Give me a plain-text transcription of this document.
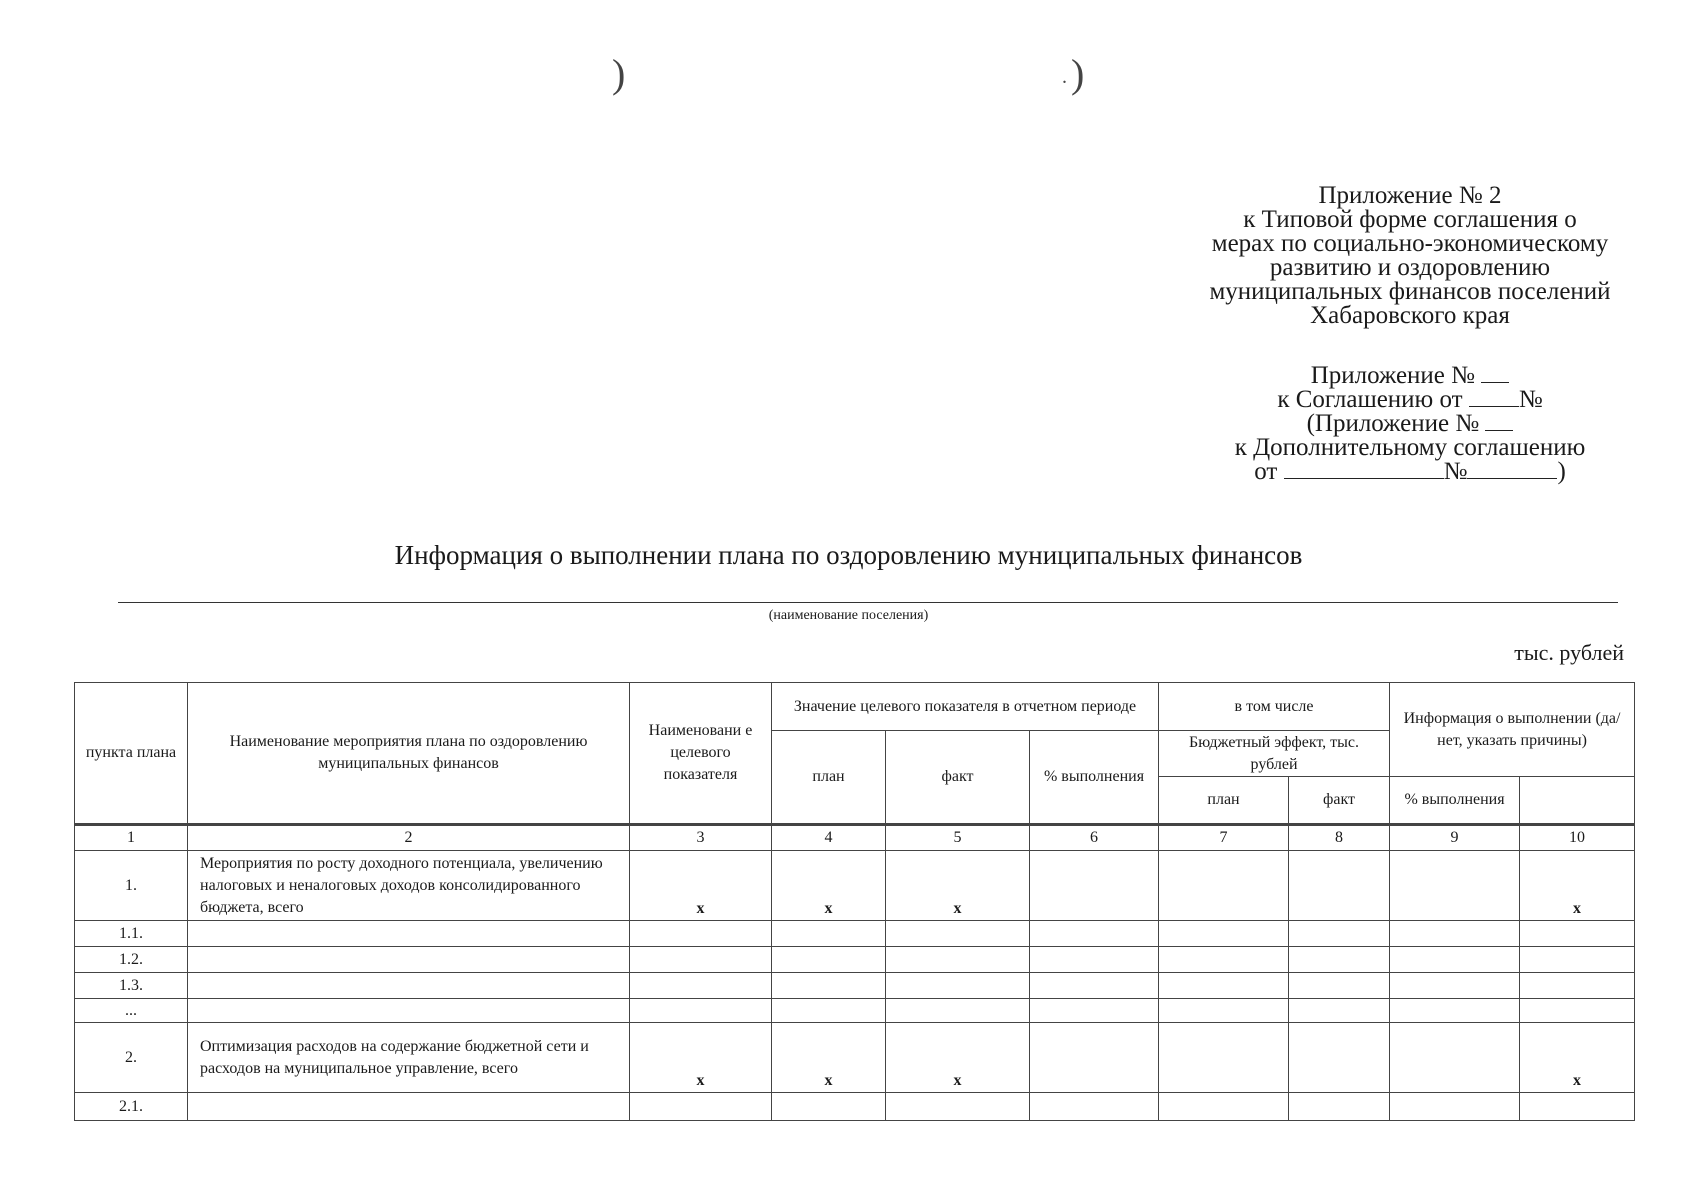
)	. )
Приложение № 2
к Типовой форме соглашения о
мерах по социально-экономическому
развитию и оздоровлению
муниципальных финансов поселений
Хабаровского края
Приложение №
к Соглашению от №
(Приложение №
к Дополнительному соглашению
от	№	)
Информация о выполнении плана по оздоровлению муниципальных финансов
(наименование поселения)
тыс. рублей
пункта плана	Наименование мероприятия плана по оздоровлению муниципальных финансов	Наименовани е целевого показателя	Значение целевого показателя в отчетном периоде			в том числе		Информация о выполнении (да/нет, указать причины)	
			план	факт	% выполнения	Бюджетный эффект, тыс. рублей			
						план	факт	% выполнения	
1	2	3	4	5	6	7	8	9	10
1.	Мероприятия по росту доходного потенциала, увеличению налоговых и неналоговых доходов консолидированного бюджета, всего	x	x	x					x
1.1.									
1.2.									
1.3.									
...									
2.	Оптимизация расходов на содержание бюджетной сети и расходов на муниципальное управление, всего	x	x	x					x
2.1.									
